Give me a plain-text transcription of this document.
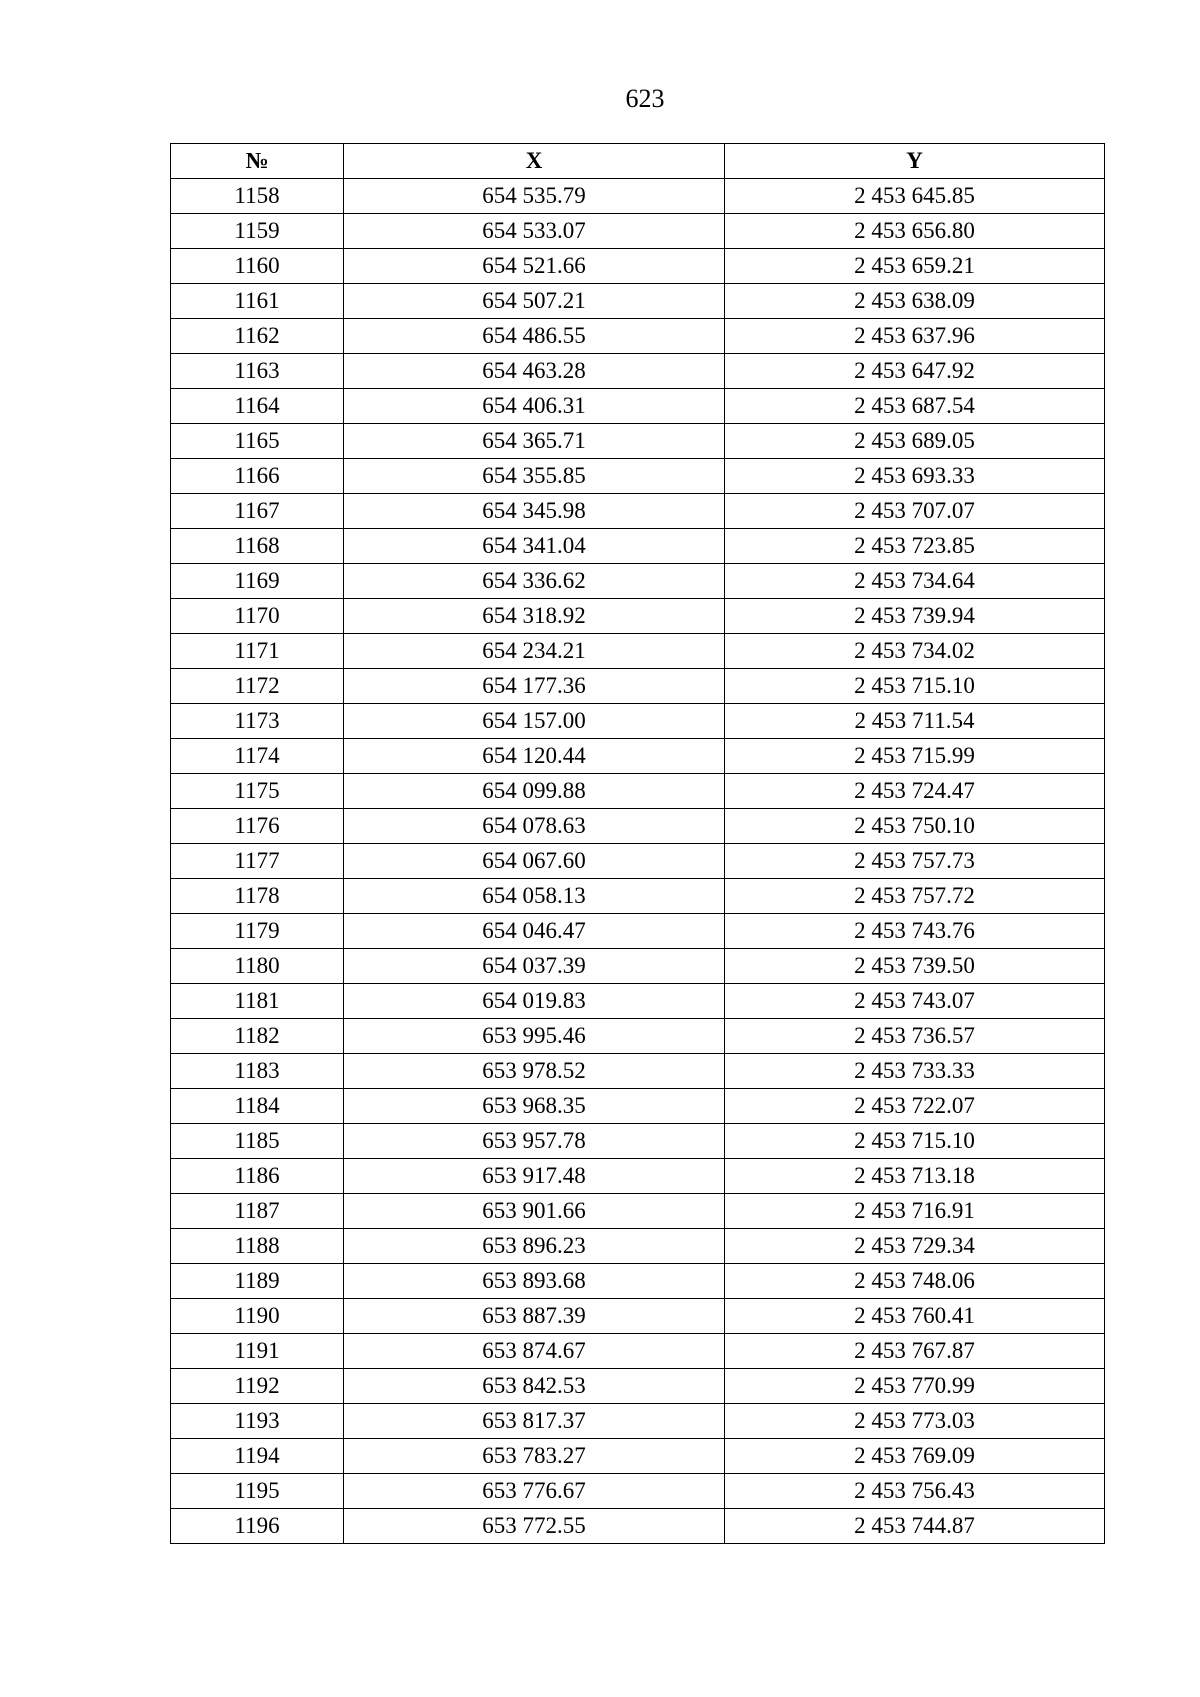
623
№	X	Y
1158	654 535.79	2 453 645.85
1159	654 533.07	2 453 656.80
1160	654 521.66	2 453 659.21
1161	654 507.21	2 453 638.09
1162	654 486.55	2 453 637.96
1163	654 463.28	2 453 647.92
1164	654 406.31	2 453 687.54
1165	654 365.71	2 453 689.05
1166	654 355.85	2 453 693.33
1167	654 345.98	2 453 707.07
1168	654 341.04	2 453 723.85
1169	654 336.62	2 453 734.64
1170	654 318.92	2 453 739.94
1171	654 234.21	2 453 734.02
1172	654 177.36	2 453 715.10
1173	654 157.00	2 453 711.54
1174	654 120.44	2 453 715.99
1175	654 099.88	2 453 724.47
1176	654 078.63	2 453 750.10
1177	654 067.60	2 453 757.73
1178	654 058.13	2 453 757.72
1179	654 046.47	2 453 743.76
1180	654 037.39	2 453 739.50
1181	654 019.83	2 453 743.07
1182	653 995.46	2 453 736.57
1183	653 978.52	2 453 733.33
1184	653 968.35	2 453 722.07
1185	653 957.78	2 453 715.10
1186	653 917.48	2 453 713.18
1187	653 901.66	2 453 716.91
1188	653 896.23	2 453 729.34
1189	653 893.68	2 453 748.06
1190	653 887.39	2 453 760.41
1191	653 874.67	2 453 767.87
1192	653 842.53	2 453 770.99
1193	653 817.37	2 453 773.03
1194	653 783.27	2 453 769.09
1195	653 776.67	2 453 756.43
1196	653 772.55	2 453 744.87
